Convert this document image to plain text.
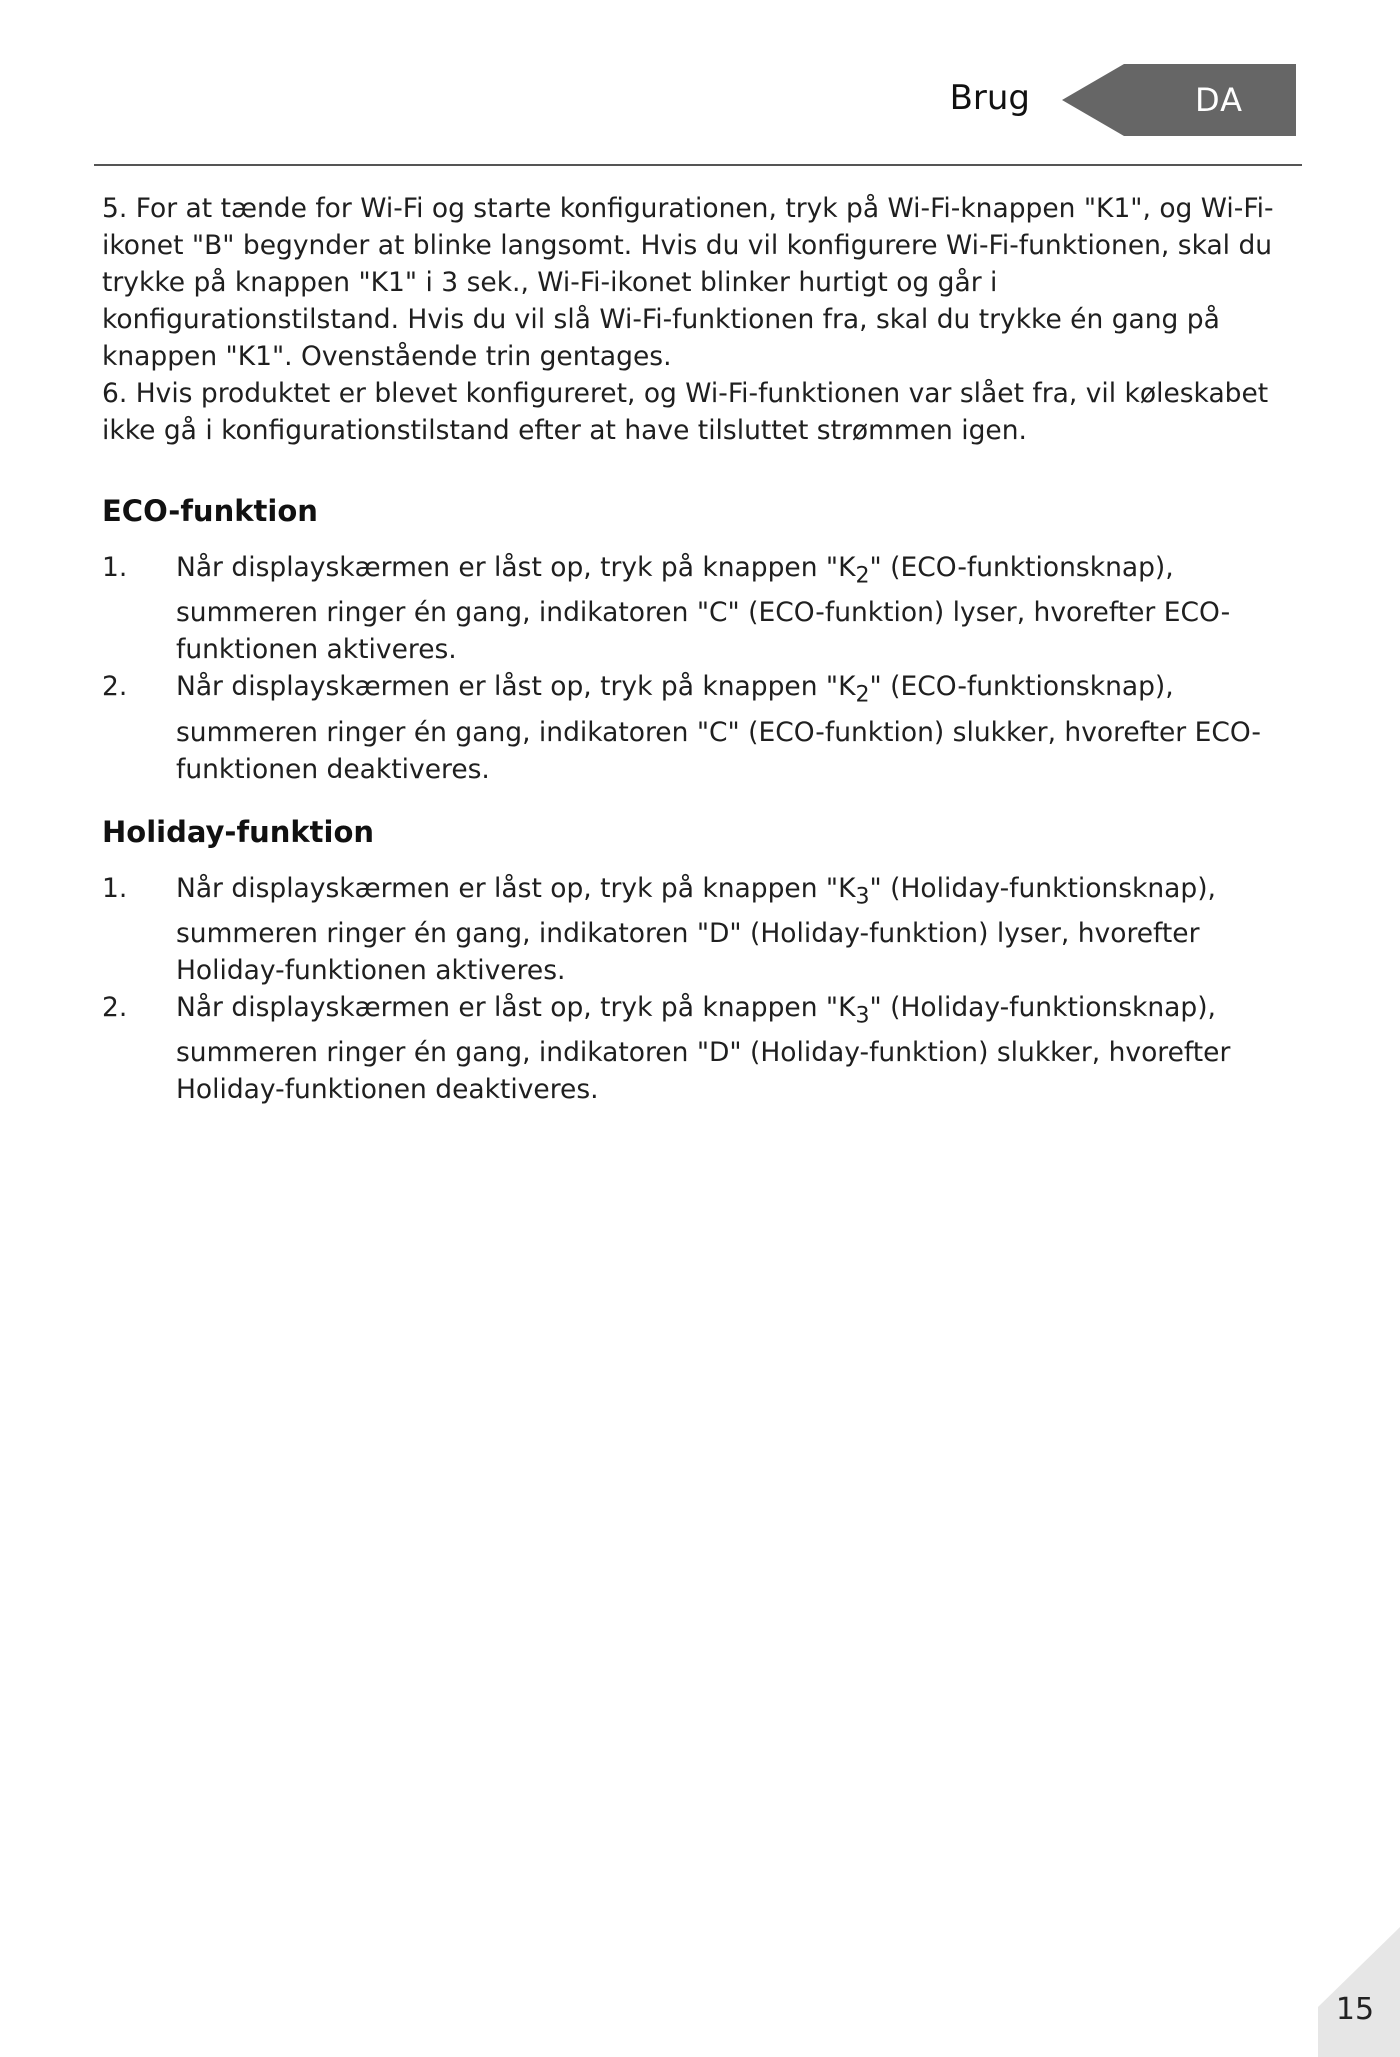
Brug	DA

5. For at tænde for Wi-Fi og starte konfigurationen, tryk på Wi-Fi-knappen "K1", og Wi-Fi-ikonet "B" begynder at blinke langsomt. Hvis du vil konfigurere Wi-Fi-funktionen, skal du trykke på knappen "K1" i 3 sek., Wi-Fi-ikonet blinker hurtigt og går i konfigurationstilstand. Hvis du vil slå Wi-Fi-funktionen fra, skal du trykke én gang på knappen "K1". Ovenstående trin gentages.

6. Hvis produktet er blevet konfigureret, og Wi-Fi-funktionen var slået fra, vil køleskabet ikke gå i konfigurationstilstand efter at have tilsluttet strømmen igen.

ECO-funktion
1.	Når displayskærmen er låst op, tryk på knappen "$K_2$" (ECO-funktionsknap), summeren ringer én gang, indikatoren "C" (ECO-funktion) lyser, hvorefter ECO-funktionen aktiveres.
2.	Når displayskærmen er låst op, tryk på knappen "$K_2$" (ECO-funktionsknap), summeren ringer én gang, indikatoren "C" (ECO-funktion) slukker, hvorefter ECO-funktionen deaktiveres.
Holiday-funktion
1.	Når displayskærmen er låst op, tryk på knappen "$K_3$" (Holiday-funktionsknap), summeren ringer én gang, indikatoren "D" (Holiday-funktion) lyser, hvorefter Holiday-funktionen aktiveres.
2.	Når displayskærmen er låst op, tryk på knappen "$K_3$" (Holiday-funktionsknap), summeren ringer én gang, indikatoren "D" (Holiday-funktion) slukker, hvorefter Holiday-funktionen deaktiveres.
15
